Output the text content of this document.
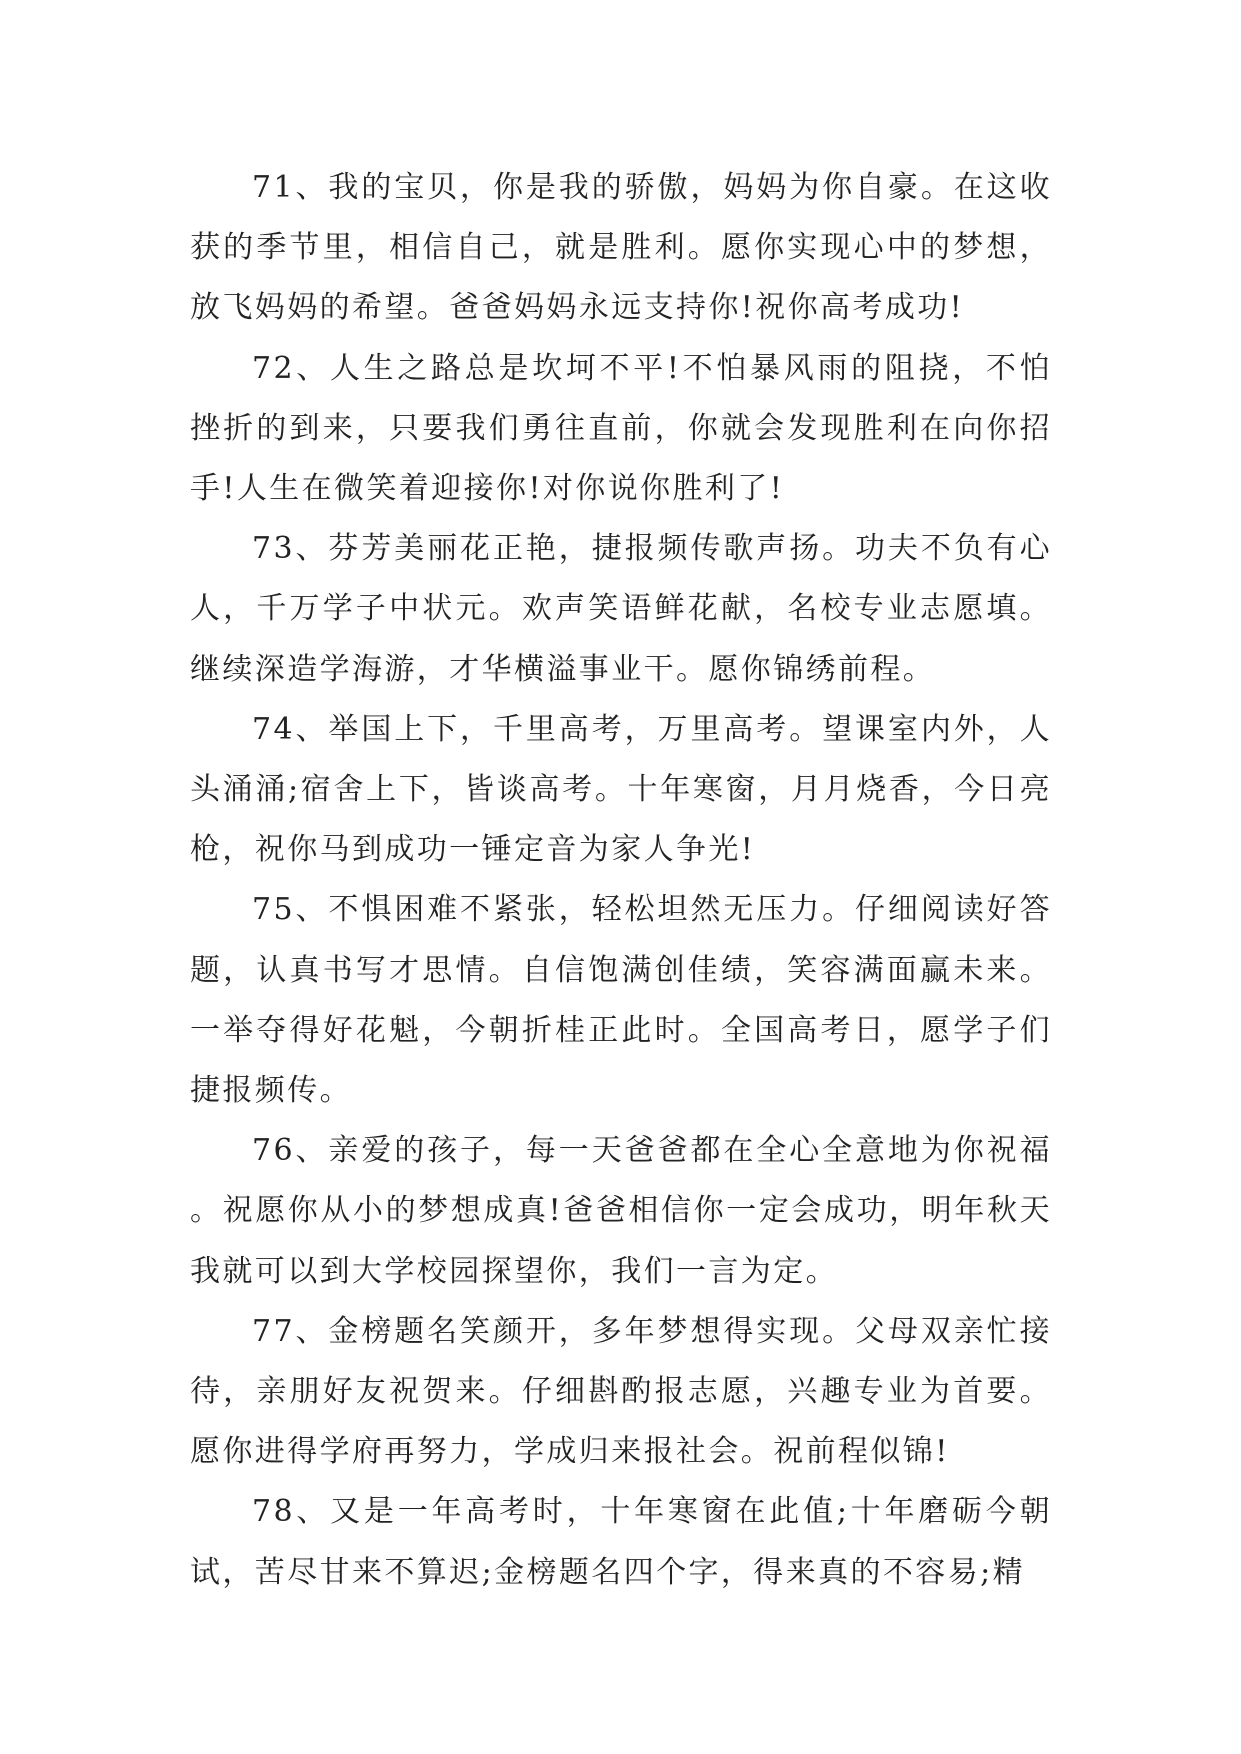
71、我的宝贝，你是我的骄傲，妈妈为你自豪。在这收获的季节里，相信自己，就是胜利。愿你实现心中的梦想，放飞妈妈的希望。爸爸妈妈永远支持你!祝你高考成功!

72、人生之路总是坎坷不平!不怕暴风雨的阻挠，不怕挫折的到来，只要我们勇往直前，你就会发现胜利在向你招手!人生在微笑着迎接你!对你说你胜利了!

73、芬芳美丽花正艳，捷报频传歌声扬。功夫不负有心人，千万学子中状元。欢声笑语鲜花献，名校专业志愿填。继续深造学海游，才华横溢事业干。愿你锦绣前程。

74、举国上下，千里高考，万里高考。望课室内外，人头涌涌;宿舍上下，皆谈高考。十年寒窗，月月烧香，今日亮枪，祝你马到成功一锤定音为家人争光!

75、不惧困难不紧张，轻松坦然无压力。仔细阅读好答题，认真书写才思情。自信饱满创佳绩，笑容满面赢未来。一举夺得好花魁，今朝折桂正此时。全国高考日，愿学子们捷报频传。

76、亲爱的孩子，每一天爸爸都在全心全意地为你祝福。祝愿你从小的梦想成真!爸爸相信你一定会成功，明年秋天我就可以到大学校园探望你，我们一言为定。

77、金榜题名笑颜开，多年梦想得实现。父母双亲忙接待，亲朋好友祝贺来。仔细斟酌报志愿，兴趣专业为首要。愿你进得学府再努力，学成归来报社会。祝前程似锦!

78、又是一年高考时，十年寒窗在此值;十年磨砺今朝试，苦尽甘来不算迟;金榜题名四个字，得来真的不容易;精
